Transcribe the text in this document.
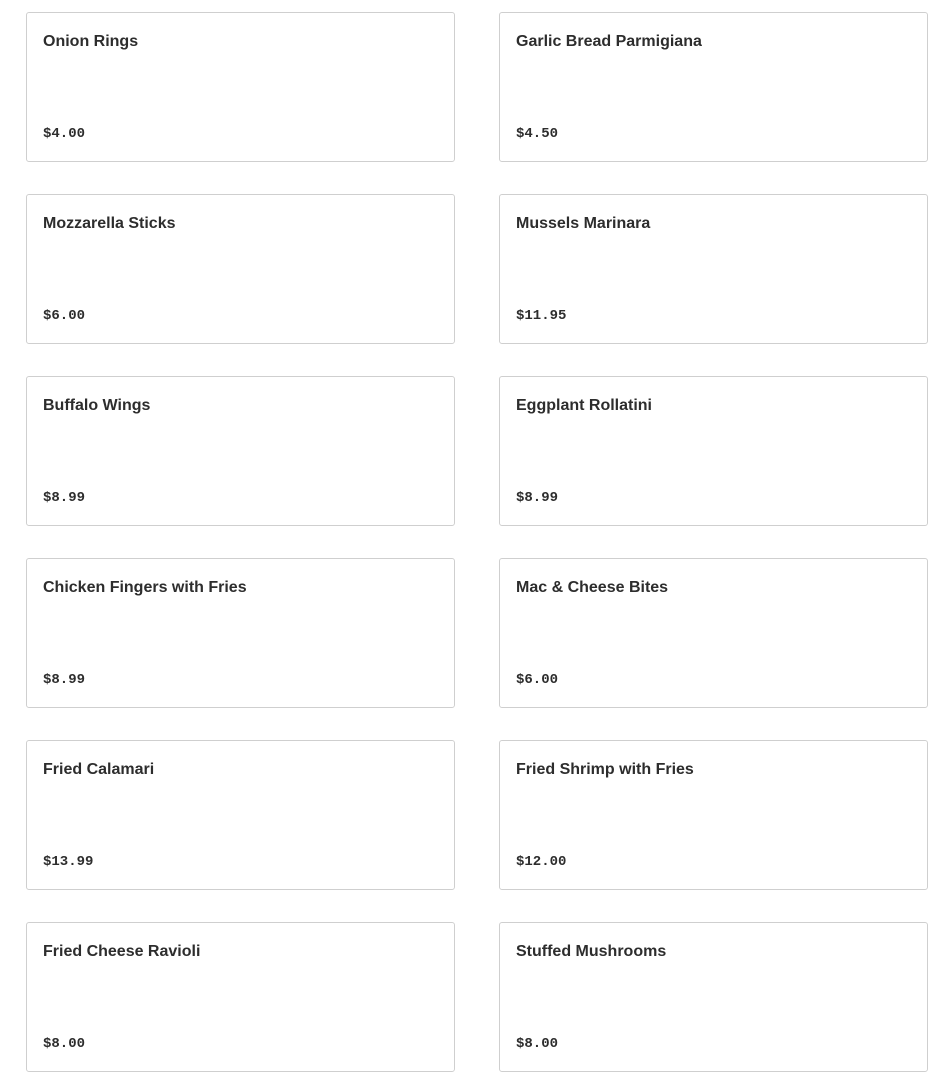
Onion Rings
$4.00
Garlic Bread Parmigiana
$4.50
Mozzarella Sticks
$6.00
Mussels Marinara
$11.95
Buffalo Wings
$8.99
Eggplant Rollatini
$8.99
Chicken Fingers with Fries
$8.99
Mac & Cheese Bites
$6.00
Fried Calamari
$13.99
Fried Shrimp with Fries
$12.00
Fried Cheese Ravioli
$8.00
Stuffed Mushrooms
$8.00
